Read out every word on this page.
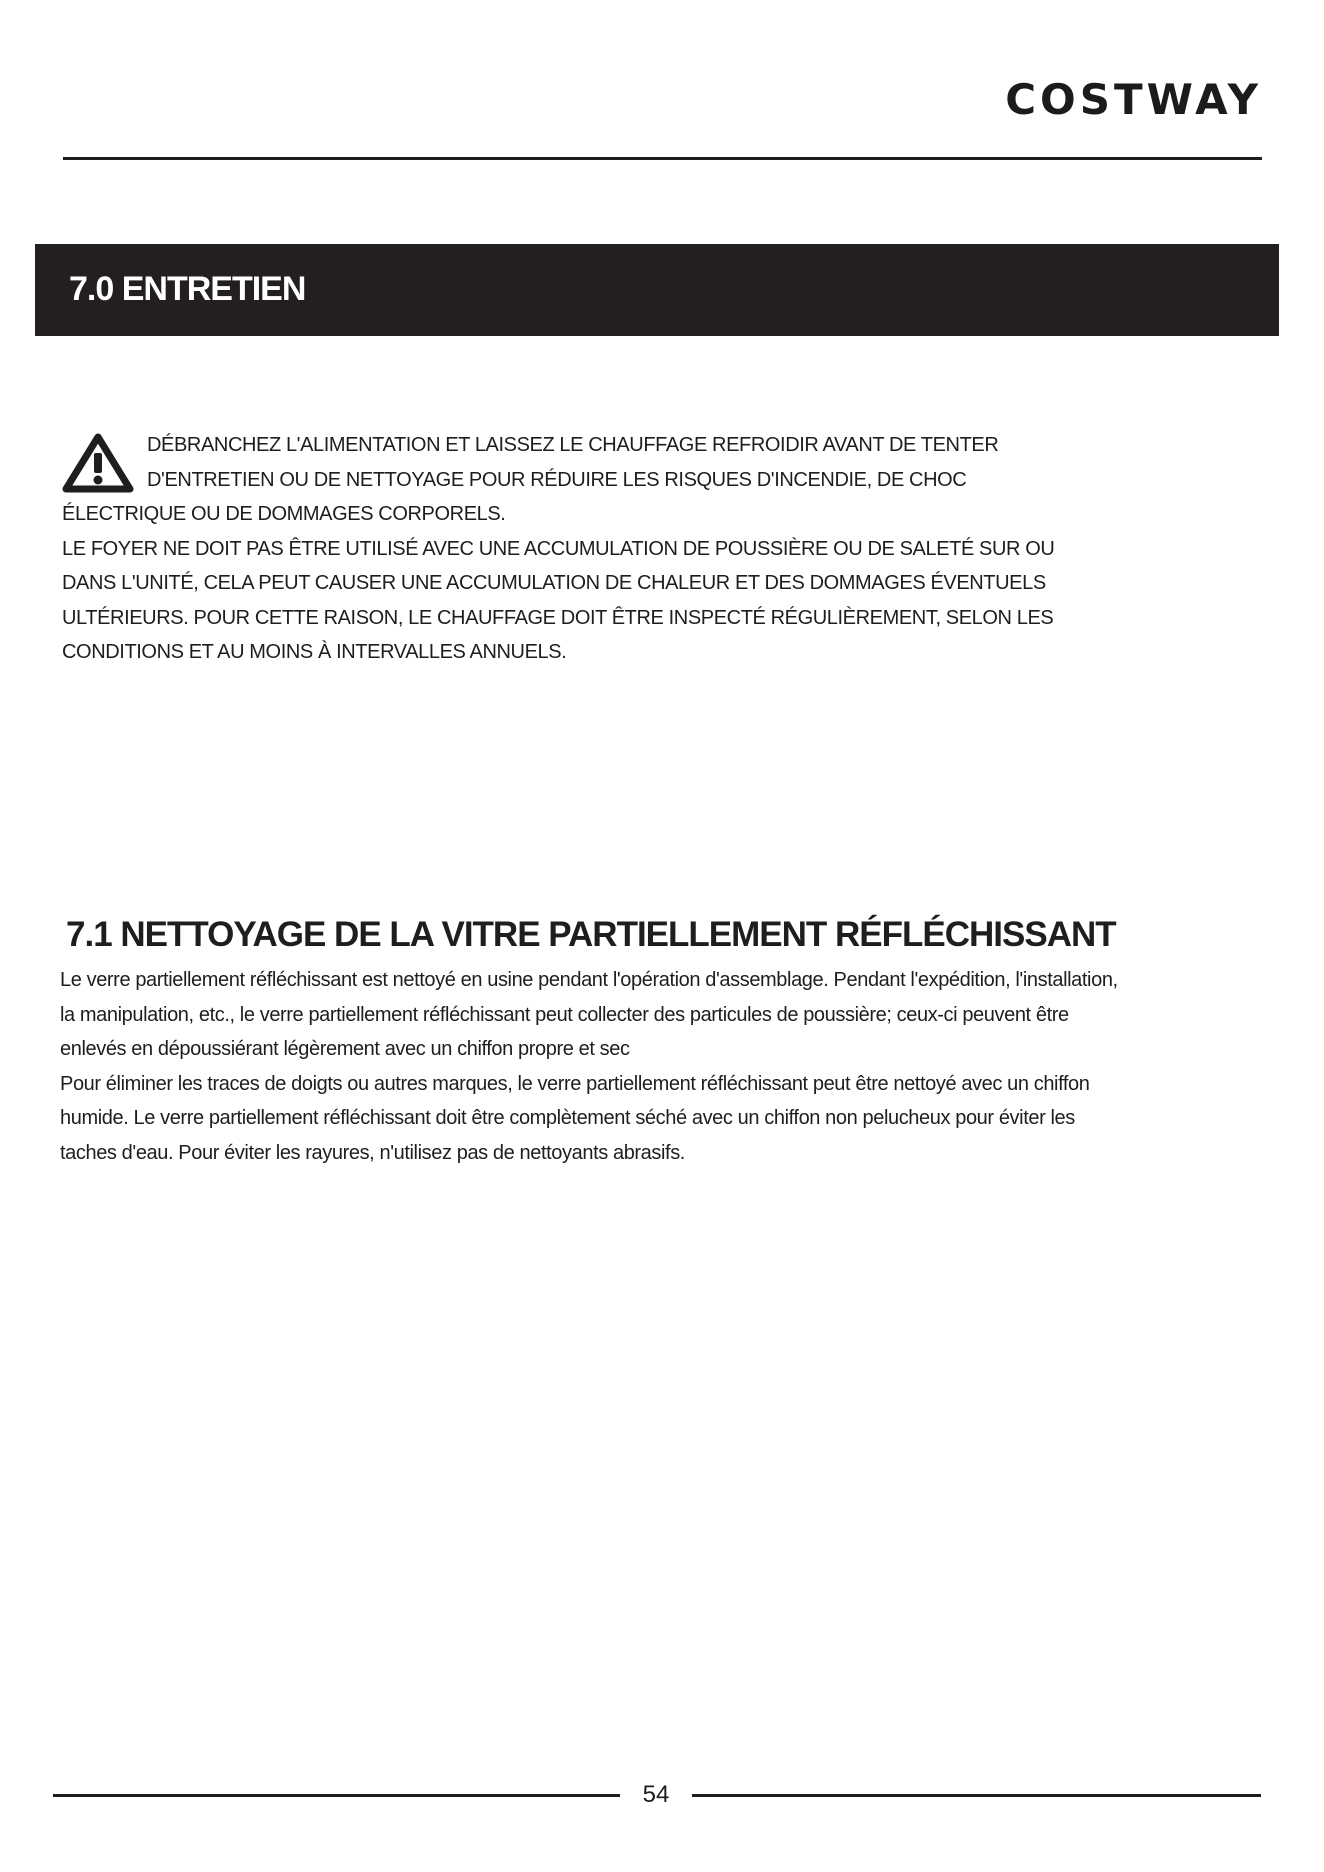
COSTWAY
7.0 ENTRETIEN
DÉBRANCHEZ L'ALIMENTATION ET LAISSEZ LE CHAUFFAGE REFROIDIR AVANT DE TENTER
D'ENTRETIEN OU DE NETTOYAGE POUR RÉDUIRE LES RISQUES D'INCENDIE, DE CHOC
ÉLECTRIQUE OU DE DOMMAGES CORPORELS.
LE FOYER NE DOIT PAS ÊTRE UTILISÉ AVEC UNE ACCUMULATION DE POUSSIÈRE OU DE SALETÉ SUR OU
DANS L'UNITÉ, CELA PEUT CAUSER UNE ACCUMULATION DE CHALEUR ET DES DOMMAGES ÉVENTUELS
ULTÉRIEURS. POUR CETTE RAISON, LE CHAUFFAGE DOIT ÊTRE INSPECTÉ RÉGULIÈREMENT, SELON LES
CONDITIONS ET AU MOINS À INTERVALLES ANNUELS.
7.1 NETTOYAGE DE LA VITRE PARTIELLEMENT RÉFLÉCHISSANT
Le verre partiellement réfléchissant est nettoyé en usine pendant l'opération d'assemblage. Pendant l'expédition, l'installation,
la manipulation, etc., le verre partiellement réfléchissant peut collecter des particules de poussière; ceux-ci peuvent être
enlevés en dépoussiérant légèrement avec un chiffon propre et sec
Pour éliminer les traces de doigts ou autres marques, le verre partiellement réfléchissant peut être nettoyé avec un chiffon
humide. Le verre partiellement réfléchissant doit être complètement séché avec un chiffon non pelucheux pour éviter les
taches d'eau. Pour éviter les rayures, n'utilisez pas de nettoyants abrasifs.
54
